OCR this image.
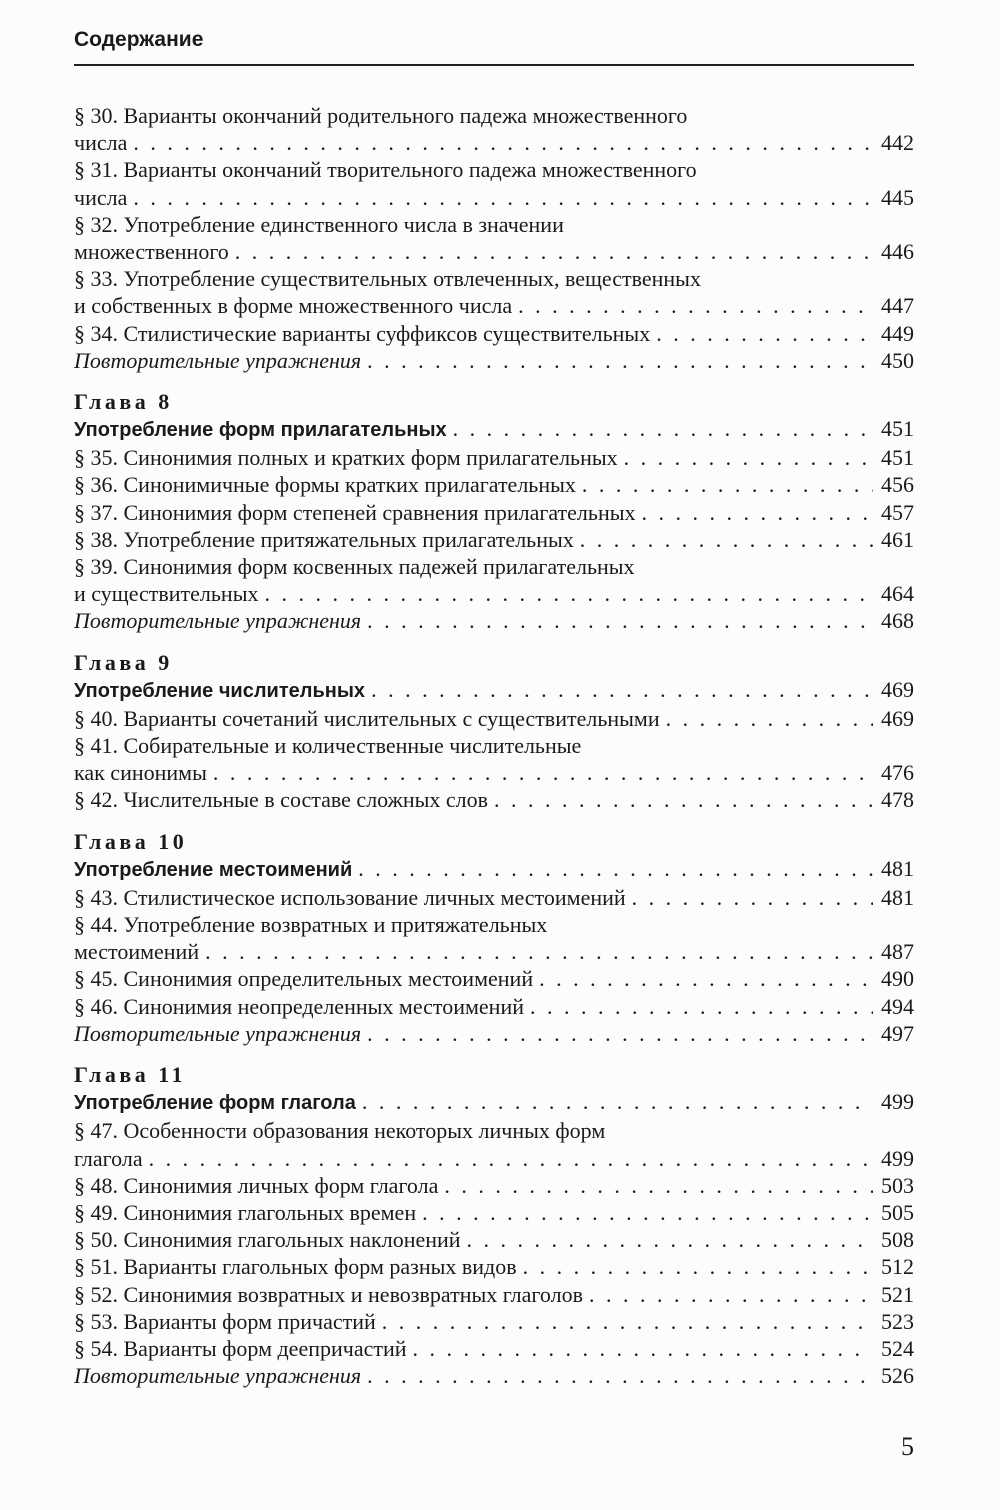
Содержание
§ 30. Варианты окончаний родительного падежа множественного
числа . . .	442
§ 31. Варианты окончаний творительного падежа множественного
числа . . .	445
§ 32. Употребление единственного числа в значении
множественного . . .	446
§ 33. Употребление существительных отвлеченных, вещественных
и собственных в форме множественного числа . . .	447
§ 34. Стилистические варианты суффиксов существительных . . .	449
Повторительные упражнения . . .	450
Глава 8
Употребление форм прилагательных . . .	451
§ 35. Синонимия полных и кратких форм прилагательных . . .	451
§ 36. Синонимичные формы кратких прилагательных . . .	456
§ 37. Синонимия форм степеней сравнения прилагательных . . .	457
§ 38. Употребление притяжательных прилагательных . . .	461
§ 39. Синонимия форм косвенных падежей прилагательных
и существительных . . .	464
Повторительные упражнения . . .	468
Глава 9
Употребление числительных . . .	469
§ 40. Варианты сочетаний числительных с существительными . . .	469
§ 41. Собирательные и количественные числительные
как синонимы . . .	476
§ 42. Числительные в составе сложных слов . . .	478
Глава 10
Употребление местоимений . . .	481
§ 43. Стилистическое использование личных местоимений . . .	481
§ 44. Употребление возвратных и притяжательных
местоимений . . .	487
§ 45. Синонимия определительных местоимений . . .	490
§ 46. Синонимия неопределенных местоимений . . .	494
Повторительные упражнения . . .	497
Глава 11
Употребление форм глагола . . .	499
§ 47. Особенности образования некоторых личных форм
глагола . . .	499
§ 48. Синонимия личных форм глагола . . .	503
§ 49. Синонимия глагольных времен . . .	505
§ 50. Синонимия глагольных наклонений . . .	508
§ 51. Варианты глагольных форм разных видов . . .	512
§ 52. Синонимия возвратных и невозвратных глаголов . . .	521
§ 53. Варианты форм причастий . . .	523
§ 54. Варианты форм деепричастий . . .	524
Повторительные упражнения . . .	526
5
